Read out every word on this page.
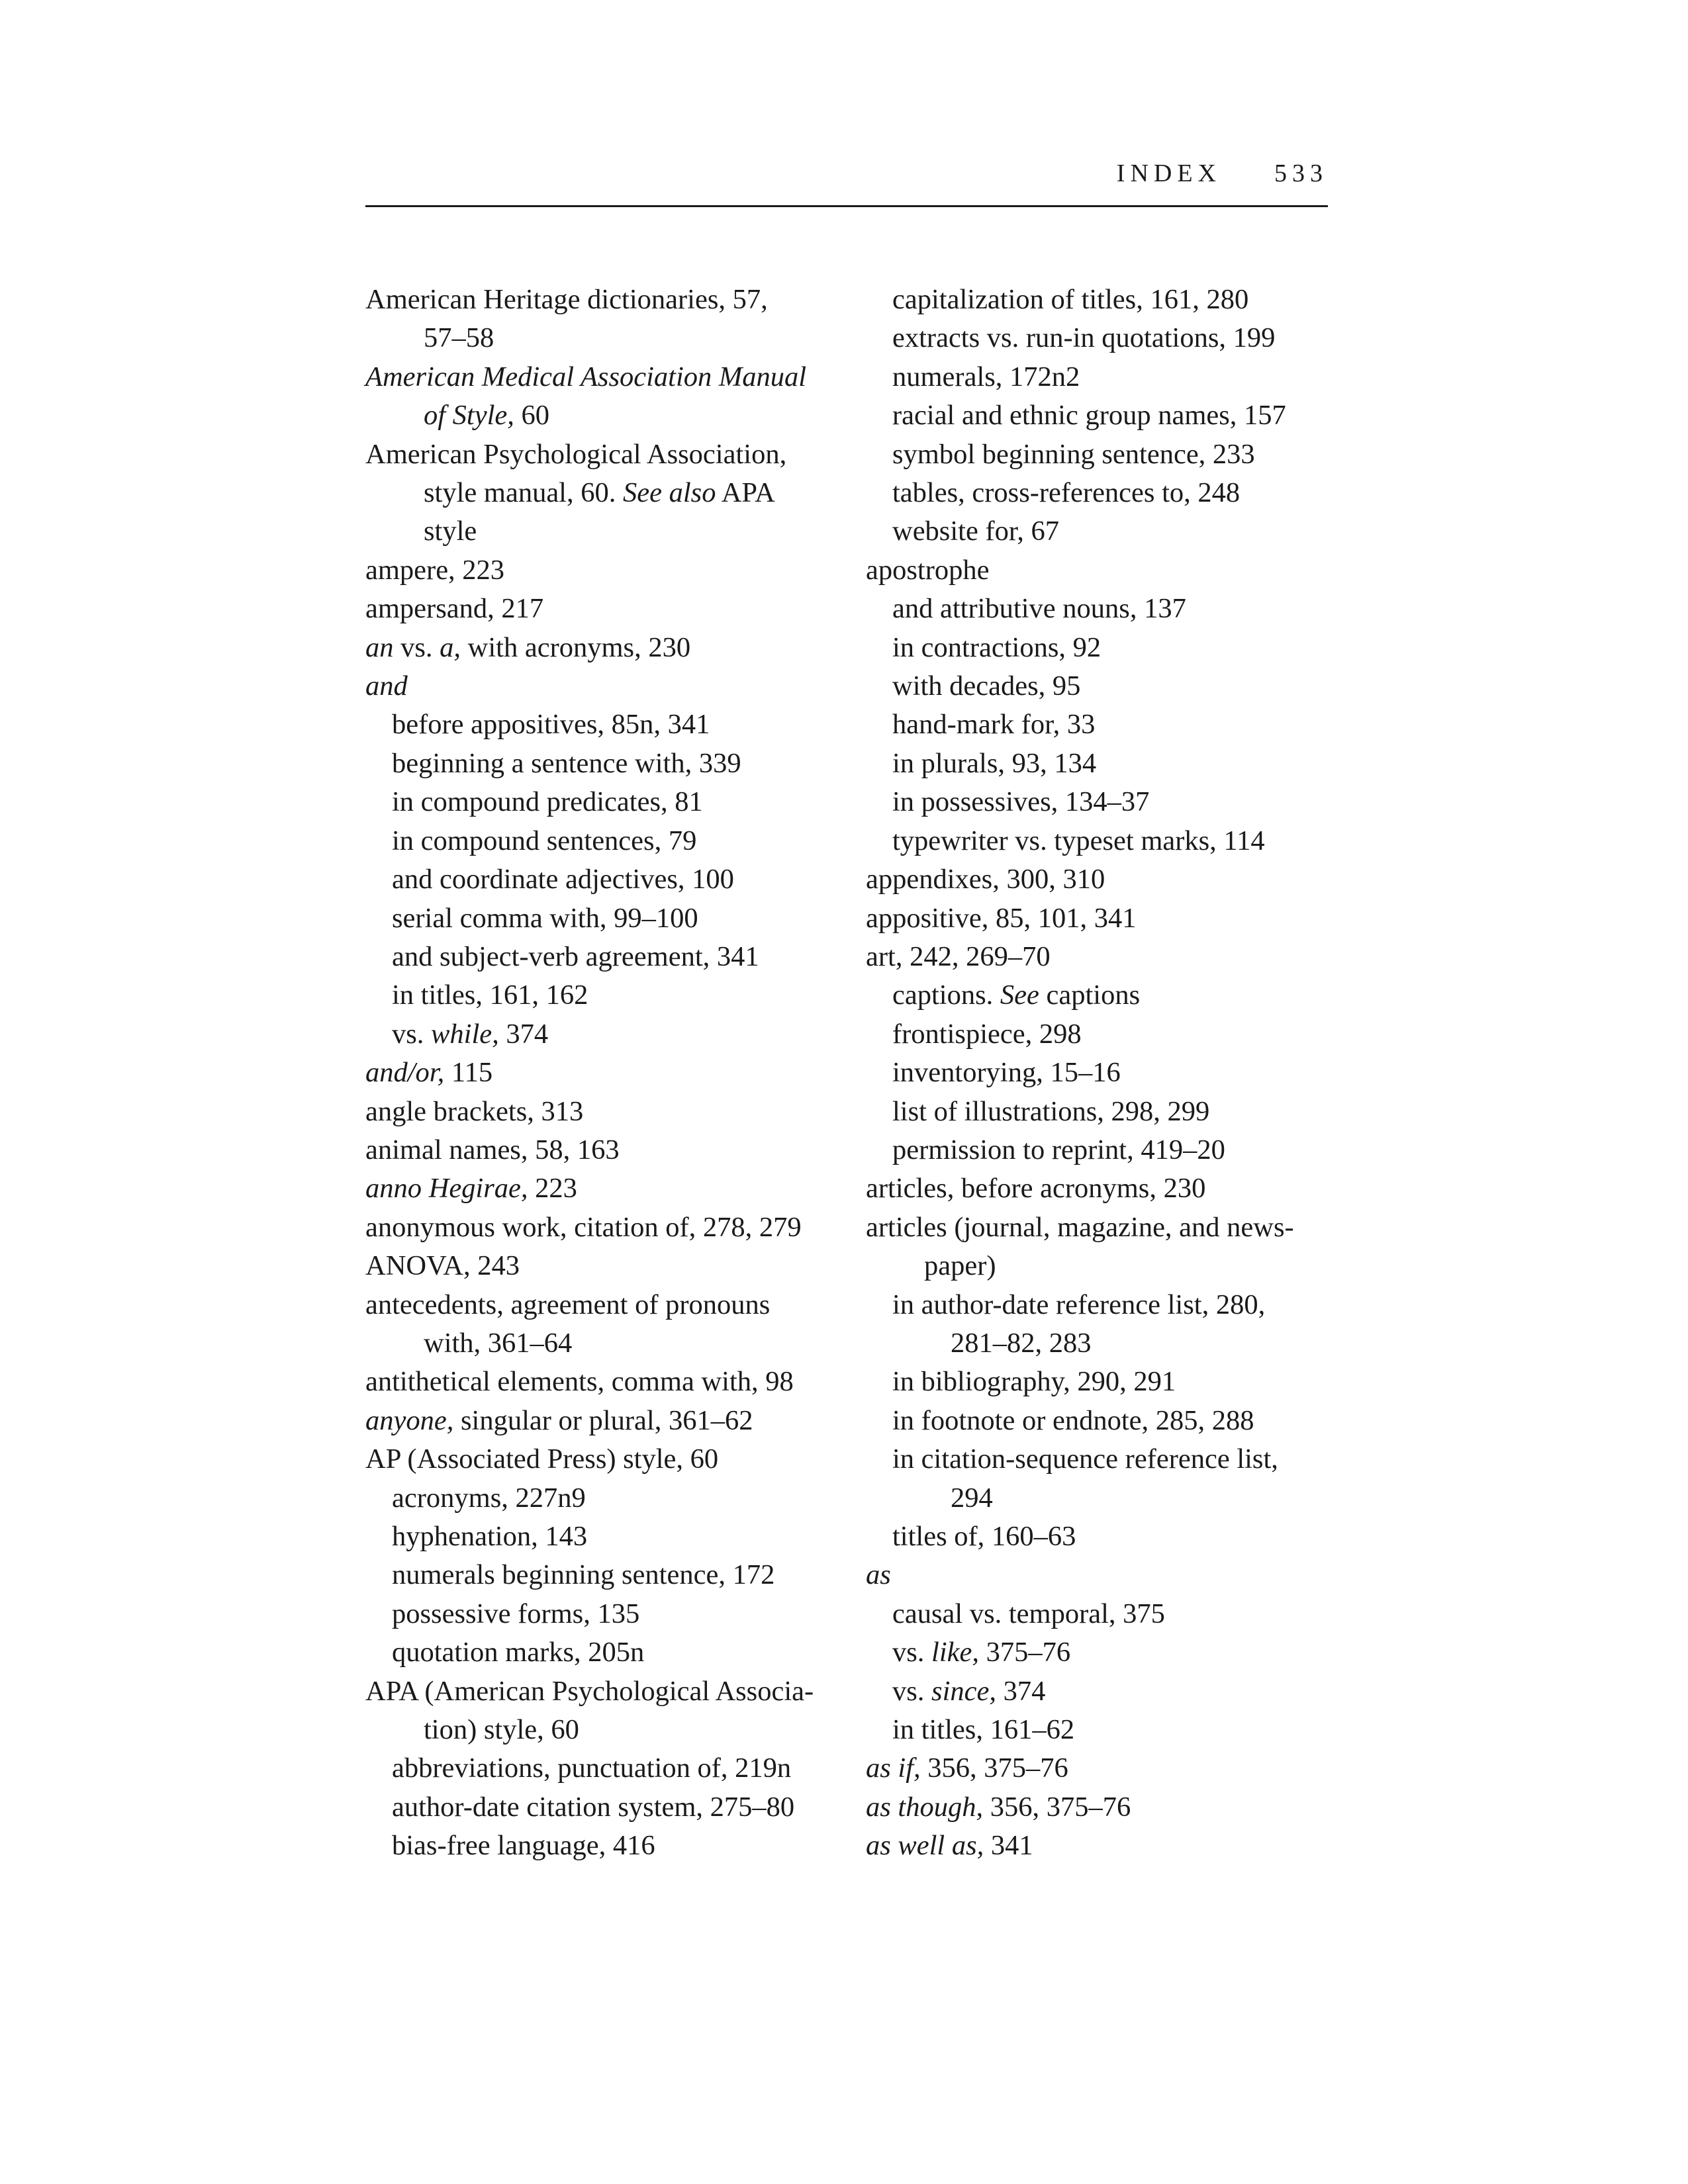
INDEX 533
American Heritage dictionaries, 57,
57–58
American Medical Association Manual
of Style, 60
American Psychological Association,
style manual, 60. See also APA
style
ampere, 223
ampersand, 217
an vs. a, with acronyms, 230
and
before appositives, 85n, 341
beginning a sentence with, 339
in compound predicates, 81
in compound sentences, 79
and coordinate adjectives, 100
serial comma with, 99–100
and subject-verb agreement, 341
in titles, 161, 162
vs. while, 374
and/or, 115
angle brackets, 313
animal names, 58, 163
anno Hegirae, 223
anonymous work, citation of, 278, 279
ANOVA, 243
antecedents, agreement of pronouns
with, 361–64
antithetical elements, comma with, 98
anyone, singular or plural, 361–62
AP (Associated Press) style, 60
acronyms, 227n9
hyphenation, 143
numerals beginning sentence, 172
possessive forms, 135
quotation marks, 205n
APA (American Psychological Associa-
tion) style, 60
abbreviations, punctuation of, 219n
author-date citation system, 275–80
bias-free language, 416
capitalization of titles, 161, 280
extracts vs. run-in quotations, 199
numerals, 172n2
racial and ethnic group names, 157
symbol beginning sentence, 233
tables, cross-references to, 248
website for, 67
apostrophe
and attributive nouns, 137
in contractions, 92
with decades, 95
hand-mark for, 33
in plurals, 93, 134
in possessives, 134–37
typewriter vs. typeset marks, 114
appendixes, 300, 310
appositive, 85, 101, 341
art, 242, 269–70
captions. See captions
frontispiece, 298
inventorying, 15–16
list of illustrations, 298, 299
permission to reprint, 419–20
articles, before acronyms, 230
articles (journal, magazine, and news-
paper)
in author-date reference list, 280,
281–82, 283
in bibliography, 290, 291
in footnote or endnote, 285, 288
in citation-sequence reference list,
294
titles of, 160–63
as
causal vs. temporal, 375
vs. like, 375–76
vs. since, 374
in titles, 161–62
as if, 356, 375–76
as though, 356, 375–76
as well as, 341
